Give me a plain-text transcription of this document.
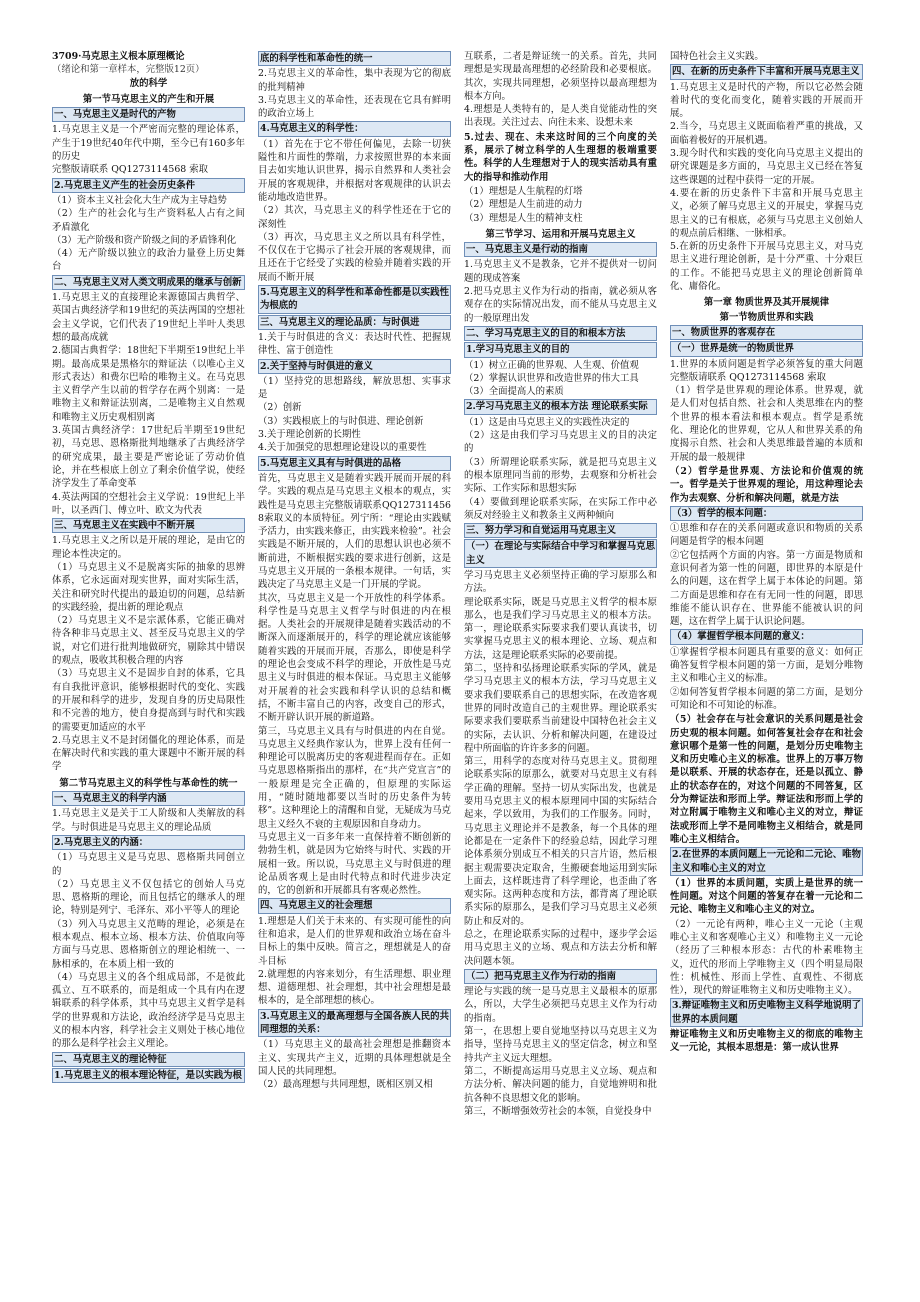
3709·马克思主义根本原理概论

（绪论和第一章样本，完整版12页）

放的科学

第一节马克思主义的产生和开展

一、马克思主义是时代的产物

1.马克思主义是一个严密而完整的理论体系，产生于19世纪40年代中期，至今已有160多年的历史

完整版请联系 QQ1273114568 索取

2.马克思主义产生的社会历史条件

（1）资本主义社会化大生产成为主导趋势

（2）生产的社会化与生产资料私人占有之间矛盾激化

（3）无产阶级和资产阶级之间的矛盾锋利化

（4）无产阶级以独立的政治力量登上历史舞台

二、马克思主义对人类文明成果的继承与创新

1.马克思主义的直接理论来源德国古典哲学、英国古典经济学和19世纪的英法两国的空想社会主义学说，它们代表了19世纪上半叶人类思想的最高成就

2.德国古典哲学：18世纪下半期至19世纪上半期。最高成果是黑格尔的辩证法（以唯心主义形式表达）和费尔巴哈的唯物主义。在马克思主义哲学产生以前的哲学存在两个别离：一是唯物主义和辩证法别离，二是唯物主义自然观和唯物主义历史观相别离

3.英国古典经济学：17世纪后半期至19世纪初，马克思、恩格斯批判地继承了古典经济学的研究成果，最主要是严密论证了劳动价值论，并在些根底上创立了剩余价值学说，使经济学发生了革命变革

4.英法两国的空想社会主义学说：19世纪上半叶，以圣西门、傅立叶、欧文为代表

三、马克思主义在实践中不断开展

1.马克思主义之所以是开展的理论，是由它的理论本性决定的。

（1）马克思主义不是脱离实际的抽象的思辨体系，它永远面对现实世界，面对实际生活，关注和研究时代提出的最迫切的问题，总结新的实践经验，提出新的理论观点

（2）马克思主义不是宗派体系，它能正确对待各种非马克思主义、甚至反马克思主义的学说，对它们进行批判地做研究，剔除其中错误的观点，吸收其积极合理的内容

（3）马克思主义不是固步自封的体系，它具有自我批评意识，能够根据时代的变化、实践的开展和科学的进步，发现自身的历史局限性和不完善的地方，使自身提高到与时代和实践的需要更加适应的水平

2.马克思主义不是封闭僵化的理论体系，而是在解决时代和实践的重大课题中不断开展的科学

第二节马克思主义的科学性与革命性的统一

一、马克思主义的科学内涵

1.马克思主义是关于工人阶级和人类解放的科学。与时俱进是马克思主义的理论品质

2.马克思主义的内涵：

（1）马克思主义是马克思、恩格斯共同创立的

（2）马克思主义不仅包括它的创始人马克思、恩格斯的理论，而且包括它的继承人的理论，特别是列宁、毛泽东、邓小平等人的理论

（3）列入马克思主义范畴的理论，必须是在根本观点、根本立场、根本方法、价值取向等方面与马克思、恩格斯创立的理论相统一、一脉相承的，在本质上相一致的

（4）马克思主义的各个组成局部，不是彼此孤立、互不联系的，而是组成一个具有内在逻辑联系的科学体系，其中马克思主义哲学是科学的世界观和方法论，政治经济学是马克思主义的根本内容，科学社会主义则处于核心地位的那么是科学社会主义理论。

二、马克思主义的理论特征

1.马克思主义的根本理论特征，是以实践为根

底的科学性和革命性的统一

2.马克思主义的革命性，集中表现为它的彻底的批判精神

3.马克思主义的革命性，还表现在它具有鲜明的政治立场上

4.马克思主义的科学性：

（1）首先在于它不带任何偏见，去除一切狭隘性和片面性的弊端，力求按照世界的本来面目去如实地认识世界，揭示自然界和人类社会开展的客观规律，并根据对客观规律的认识去能动地改造世界。

（2）其次，马克思主义的科学性还在于它的深刻性

（3）再次，马克思主义之所以具有科学性，不仅仅在于它揭示了社会开展的客观规律，而且还在于它经受了实践的检验并随着实践的开展而不断开展

5.马克思主义的科学性和革命性都是以实践性为根底的

三、马克思主义的理论品质：与时俱进

1.关于与时俱进的含义：表达时代性、把握规律性、富于创造性

2.关于坚持与时俱进的意义

（1）坚持党的思想路线，解放思想、实事求是

（2）创新

（3）实践根底上的与时俱进、理论创新

3.关于理论创新的长期性

4.关于加强党的思想理论建设以的重要性

5.马克思主义具有与时俱进的品格

首先，马克思主义是随着实践开展而开展的科学。实践的观点是马克思主义根本的观点，实践性是马克思主完整版请联系QQ1273114568索取义的本质特征。列宁所：“理论由实践赋予活力，由实践来修正，由实践来检验”。社会实践是不断开展的，人们的思想认识也必须不断前进，不断根据实践的要求进行创新，这是马克思主义开展的一条根本规律。一句话，实践决定了马克思主义是一门开展的学说。

其次，马克思主义是一个开放性的科学体系。科学性是马克思主义哲学与时俱进的内在根据。人类社会的开展规律是随着实践活动的不断深入而逐渐展开的，科学的理论就应该能够随着实践的开展而开展，否那么，即使是科学的理论也会变成不科学的理论，开放性是马克思主义与时俱进的根本保证。马克思主义能够对开展着的社会实践和科学认识的总结和概括，不断丰富自己的内容，改变自己的形式，不断开辟认识开展的新道路。

第三，马克思主义具有与时俱进的内在自觉。马克思主义经典作家认为，世界上没有任何一种理论可以脱离历史的客观进程而存在。正如马克思恩格斯指出的那样，在“共产党宣言”的一般原理是完全正确的，但原理的实际运用，“随时随地都要以当时的历史条件为转移”。这种理论上的清醒和自觉，无疑成为马克思主义经久不衰的主观原因和自身动力。

马克思主义一百多年来一直保持着不断创新的勃勃生机，就是因为它始终与时代、实践的开展相一致。所以说，马克思主义与时俱进的理论品质客观上是由时代特点和时代进步决定的，它的创新和开展都具有客观必然性。

四、马克思主义的社会理想

1.理想是人们关于未来的、有实现可能性的向往和追求，是人们的世界观和政治立场在奋斗目标上的集中反映。简言之，理想就是人的奋斗目标

2.就理想的内容来划分，有生活理想、职业理想、道德理想、社会理想，其中社会理想是最根本的，是全部理想的核心。

3.马克思主义的最高理想与全国各族人民的共同理想的关系：

（1）马克思主义的最高社会理想是推翻资本主义、实现共产主义，近期的具体理想就是全国人民的共同理想。

（2）最高理想与共同理想，既相区别又相

互联系，二者是辩证统一的关系。首先，共同理想是实现最高理想的必经阶段和必要根底。其次，实现共同理想，必须坚持以最高理想为根本方向。

4.理想是人类特有的，是人类自觉能动性的突出表现。关注过去、向往未来、设想未来

5.过去、现在、未来这时间的三个向度的关系，展示了树立科学的人生理想的极端重要性。科学的人生理想对于人的现实活动具有重大的指导和推动作用

（1）理想是人生航程的灯塔

（2）理想是人生前进的动力

（3）理想是人生的精神支柱

第三节学习、运用和开展马克思主义

一、马克思主义是行动的指南

1.马克思主义不是教条，它并不提供对一切问题的现成答案

2.把马克思主义作为行动的指南，就必须从客观存在的实际情况出发，而不能从马克思主义的一般原理出发

二、学习马克思主义的目的和根本方法

1.学习马克思主义的目的

（1）树立正确的世界观、人生观、价值观

（2）掌握认识世界和改造世界的伟大工具

（3）全面提高人的素质

2.学习马克思主义的根本方法 理论联系实际

（1）这是由马克思主义的实践性决定的

（2）这是由我们学习马克思主义的目的决定的

（3）所谓理论联系实际，就是把马克思主义的根本原理同当前的形势，去观察和分析社会实际、工作实际和思想实际

（4）要做到理论联系实际，在实际工作中必须反对经验主义和教条主义两种倾向

三、努力学习和自觉运用马克思主义

（一）在理论与实际结合中学习和掌握马克思主义

学习马克思主义必须坚持正确的学习原那么和方法。

理论联系实际，既是马克思主义哲学的根本原那么，也是我们学习马克思主义的根本方法。第一，理论联系实际要求我们要认真读书，切实掌握马克思主义的根本理论、立场、观点和方法，这是理论联系实际的必要前提。

第二，坚持和弘扬理论联系实际的学风，就是学习马克思主义的根本方法，学习马克思主义要求我们要联系自己的思想实际，在改造客观世界的同时改造自己的主观世界。理论联系实际要求我们要联系当前建设中国特色社会主义的实际，去认识、分析和解决问题，在建设过程中所面临的许许多多的问题。

第三，用科学的态度对待马克思主义。贯彻理论联系实际的原那么，就要对马克思主义有科学正确的理解。坚持一切从实际出发，也就是要用马克思主义的根本原理同中国的实际结合起来，学以致用，为我们的工作服务。同时，马克思主义理论并不是教条，每一个具体的理论都是在一定条件下的经验总结，因此学习理论体系须分别成互不相关的只言片语，然后根据主观需要决定取舍，生搬硬套地运用到实际上面去，这样既违背了科学理论，也歪曲了客观实际。这两种态度和方法，都背离了理论联系实际的原那么，是我们学习马克思主义必须防止和反对的。

总之，在理论联系实际的过程中，逐步学会运用马克思主义的立场、观点和方法去分析和解决问题本领。

（二）把马克思主义作为行动的指南

理论与实践的统一是马克思主义最根本的原那么，所以，大学生必须把马克思主义作为行动的指南。

第一，在思想上要自觉地坚持以马克思主义为指导，坚持马克思主义的坚定信念，树立和坚持共产主义远大理想。

第二，不断提高运用马克思主义立场、观点和方法分析、解决问题的能力，自觉地辨明和批抗各种不良思想文化的影响。

第三，不断增强效劳社会的本领，自觉投身中

国特色社会主义实践。

四、在新的历史条件下丰富和开展马克思主义

1.马克思主义是时代的产物，所以它必然会随着时代的变化而变化，随着实践的开展而开展。

2.当今，马克思主义既面临着严重的挑战，又面临着极好的开展机遇。

3.现今时代和实践的变化向马克思主义提出的研究课题是多方面的，马克思主义已经在答复这些课题的过程中获得一定的开展。

4.要在新的历史条件下丰富和开展马克思主义，必须了解马克思主义的开展史，掌握马克思主义的已有根底，必须与马克思主义创始人的观点前后相继、一脉相承。

5.在新的历史条件下开展马克思主义，对马克思主义进行理论创新，是十分严重、十分艰巨的工作。不能把马克思主义的理论创新简单化、庸俗化。

第一章 物质世界及其开展规律

第一节物质世界和实践

一、物质世界的客观存在

（一）世界是统一的物质世界

1.世界的本质问题是哲学必须答复的重大问题完整版请联系 QQ1273114568 索取

（1）哲学是世界观的理论体系。世界观，就是人们对包括自然、社会和人类思维在内的整个世界的根本看法和根本观点。哲学是系统化、理论化的世界观，它从人和世界关系的角度揭示自然、社会和人类思维最普遍的本质和开展的最一般规律

（2）哲学是世界观、方法论和价值观的统一。哲学是关于世界观的理论，用这种理论去作为去观察、分析和解决问题，就是方法

（3）哲学的根本问题：

①思维和存在的关系问题或意识和物质的关系问题是哲学的根本问题

②它包括两个方面的内容。第一方面是物质和意识何者为第一性的问题，即世界的本原是什么的问题，这在哲学上属于本体论的问题。第二方面是思维和存在有无同一性的问题，即思维能不能认识存在、世界能不能被认识的问题，这在哲学上属于认识论问题。

（4）掌握哲学根本问题的意义：

①掌握哲学根本问题具有重要的意义：如何正确答复哲学根本问题的第一方面，是划分唯物主义和唯心主义的标准。

②如何答复哲学根本问题的第二方面，是划分可知论和不可知论的标准。

（5）社会存在与社会意识的关系问题是社会历史观的根本问题。如何答复社会存在和社会意识哪个是第一性的问题，是划分历史唯物主义和历史唯心主义的标准。世界上的万事万物是以联系、开展的状态存在，还是以孤立、静止的状态存在的，对这个问题的不同答复，区分为辩证法和形而上学。辩证法和形而上学的对立附属于唯物主义和唯心主义的对立，辩证法或形而上学不是同唯物主义相结合，就是同唯心主义相结合。

2.在世界的本质问题上一元论和二元论、唯物主义和唯心主义的对立

（1）世界的本质问题，实质上是世界的统一性问题。对这个问题的答复存在着一元论和二元论、唯物主义和唯心主义的对立。

（2）一元论有两种，唯心主义一元论（主观唯心主义和客观唯心主义）和唯物主义一元论（经历了三种根本形态：古代的朴素唯物主义，近代的形而上学唯物主义（四个明显局限性：机械性、形而上学性、直观性、不彻底性），现代的辩证唯物主义和历史唯物主义）。

3.辩证唯物主义和历史唯物主义科学地说明了世界的本质问题

辩证唯物主义和历史唯物主义的彻底的唯物主义一元论，其根本思想是：第一成认世界
